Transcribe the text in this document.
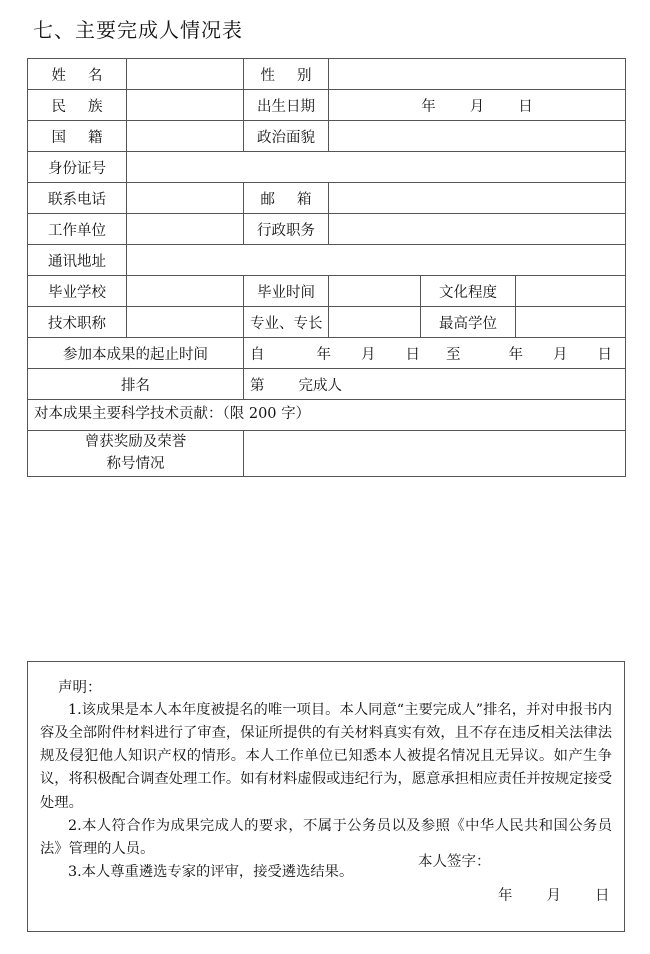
七、主要完成人情况表
姓 名		性 别			
民 族		出生日期	年 月 日		
国 籍		政治面貌			
身份证号					
联系电话		邮 箱			
工作单位		行政职务			
通讯地址					
毕业学校		毕业时间		文化程度	
技术职称		专业、专长		最高学位	
参加本成果的起止时间		自 年 月 日 至 年 月 日			
排名		第 完成人			

对本成果主要科学技术贡献：（限 200 字）					

曾获奖励及荣誉
称号情况					

声明：

1.该成果是本人本年度被提名的唯一项目。本人同意“主要完成人”排名，并对申报书内容及全部附件材料进行了审查，保证所提供的有关材料真实有效，且不存在违反相关法律法规及侵犯他人知识产权的情形。本人工作单位已知悉本人被提名情况且无异议。如产生争议，将积极配合调查处理工作。如有材料虚假或违纪行为，愿意承担相应责任并按规定接受处理。

2.本人符合作为成果完成人的要求，不属于公务员以及参照《中华人民共和国公务员法》管理的人员。

3.本人尊重遴选专家的评审，接受遴选结果。

本人签字：
年 月 日
